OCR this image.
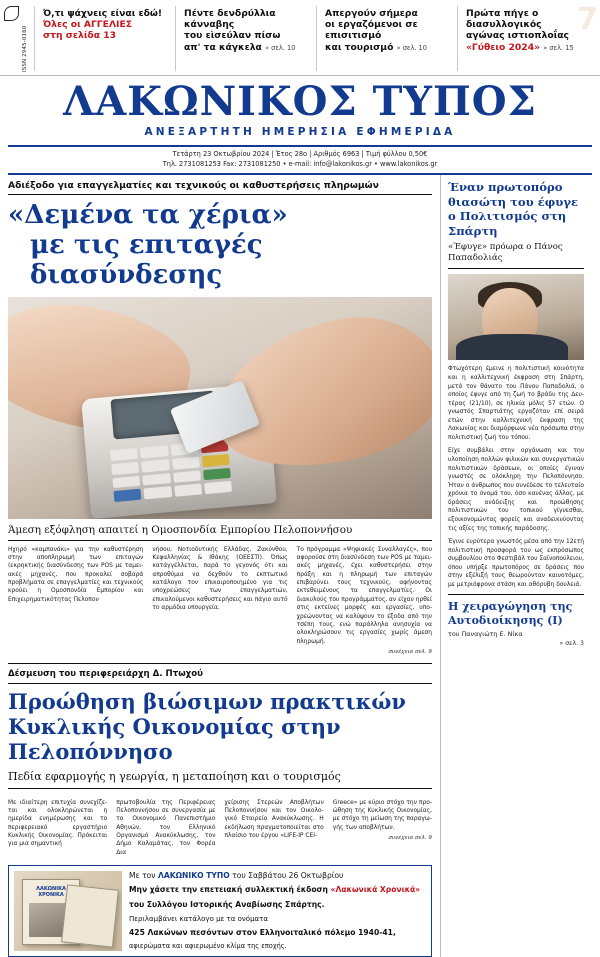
ISSN 2945-0160
Ό,τι ψάχνεις είναι εδώ!
Όλες οι ΑΓΓΕΛΙΕΣ
στη σελίδα 13
Πέντε δενδρύλλια κάνναβης
του εὶσεύλαν πίσω
απ' τα κάγκελα » σελ. 10
Απεργούν σήμερα
οι εργαζόμενοι σε επισιτισμό
και τουρισμό » σελ. 10
Πρώτα πήγε ο διασυλλογικός
αγώνας ιστιοπλοΐας
«Γύθειο 2024» » σελ. 15
7
ΛΑΚΩΝΙΚΟΣ ΤΥΠΟΣ
ΑΝΕΞΑΡΤΗΤΗ ΗΜΕΡΗΣΙΑ ΕΦΗΜΕΡΙΔΑ
Τετάρτη 23 Οκτωβρίου 2024 | Έτος 28ο | Αριθμός 6963 | Τιμή φύλλου 0,50€
Τηλ. 2731081253 Fax: 2731081250 • e-mail: info@lakonikos.gr • www.lakonikos.gr
Αδιέξοδο για επαγγελματίες και τεχνικούς οι καθυστερήσεις πληρωμών
«Δεμένα τα χέρια»
με τις επιταγές διασύνδεσης
Άμεση εξόφληση απαιτεί η Ομοσπονδία Εμπορίου Πελοποννήσου
Ηχηρό «καμπανάκι» για την καθυστέρηση στην απoπληρωμή των επιταγών (εκρηκτικής διασύνδεσης των POS με ταμειακές μηχανές, που προκαλεί σοβαρά προβλήματα σε επαγγελματίες και τεχνικούς κρούει η Ομοσπονδία Εμπορίου και Επιχειρηματικότητας Πελοπον
νήσου, Νοτιοδυτικής Ελλάδας, Ζακύνθου, Κεφαλληνίας & Ιθάκης (ΟΕΕΣΤΙ). Όπως κατάγγέλλεται, παρά το γεγονός ότι και απροθύμια να δεχθούν το εκπτωτικό κατάλογο τον επικαιροποιημένο για τις υποχρεώσεις των επαγγελματιών, επικαλούμενοι καθυστερήσεις και πάγιο αυτό το αρμόδια υπουργεία.
Το πρόγραμμα «Ψηφιακές Συναλλαγές», που αφορούσε στη διασύνδεση των POS με ταμειακές μηχανές, έχει καθυστερήσει στην πράξη και η πληρωμή των επιταγών επιβαρύνει τους τεχνικούς, αφήνοντας εκτεθειμένους τα επαγγελματίες. Οι διακυλούς του προγράμματος, αν είχαν ηρθεί στις εκτείνες μορφές και εργασίες, υποχρεώνοντας να καλύψουν το έξοδα από την τσέπη τους, ενώ παράλληλα ανησυχία να ολοκληρώσουν τις εργασίες χωρίς άμεση πληρωμή.
συνέχεια σελ. 9
Δέσμευση του περιφερειάρχη Δ. Πτωχού
Προώθηση βιώσιμων πρακτικών
Κυκλικής Οικονομίας στην Πελοπόννησο
Πεδία εφαρμογής η γεωργία, η μεταποίηση και ο τουρισμός
Με ιδιαίτερη επιτυχία συνεχίζεται και ολοκληρώνεται η ημερίδα ενημέρωσης και το περιφερειακό εργαστήριο Κυκλικής Οικονομίας. Πρόκειται για μια σημαντική
πρωτοβουλία της Περιφέρειας Πελοποννήσου σε συνεργασία με το Οικονομικό Πανεπιστήμιο Αθηνών, τον Ελληνικό Οργανισμό Ανακύκλωσης, τον Δήμο Καλαμάτας, τον Φορέα Δια
χείρισης Στερεών Αποβλήτων Πελοποννήσου και τον Οικολογικό Εταιρείο Ανακύκλωσης. Η εκδήλωση πραγματοποιείται στο πλαίσιο του έργου «LIFE-IP CEI-
Greece» με κύριο στόχο την προώθηση της Κυκλικής Οικονομίας, με στόχο τη μείωση της παραγωγής των αποβλήτων.
συνέχεια σελ. 9
ΛΑΚΩΝΙΚΑ ΧΡΟΝΙΚΑ
Με τον ΛΑΚΩΝΙΚΟ ΤΥΠΟ του Σαββάτου 26 Οκτωβρίου
Μην χάσετε την επετειακή συλλεκτική έκδοση «Λακωνικά Χρονικά»
του Συλλόγου Ιστορικής Αναβίωσης Σπάρτης.
Περιλαμβάνει κατάλογο με τα ονόματα
425 Λακώνων πεσόντων στον Ελληνοιταλικό πόλεμο 1940-41,
αφιερώματα και αφιερωμένο κλίμα της εποχής.
Έναν πρωτοπόρο θιασώτη του έφυγε ο Πολιτισμός στη Σπάρτη
«Έφυγε» πρόωρα ο Πάνος Παπαδολιάς

Φτωχότερη έμεινε η πολιτιστική κοινότητα και η καλλιτεχνική έκφραση στη Σπάρτη, μετά τον θάνατο του Πάνου Παπαδολιά, ο οποίος έφυγε από τη ζωή το βράδυ της Δευτέρας (21/10), σε ηλικία μόλις 57 ετών. Ο γνωστός Σπαρτιάτης εργαζόταν επί σειρά ετών στην καλλιτεχνική έκφραση της Λακωνίας και διαμόρφωνε νέα πρόσωπα στην πολιτιστική ζωή του τόπου.

Είχε συμβάλει στην οργάνωση και την υλοποίηση πολλών φιλικών και συνεργατικών πολιτιστικών δράσεων, οι οποίες έγιναν γνωστές σε ολόκληρη την Πελοπόννησο. Ήταν ο άνθρωπος που συνέδεσε το τελευταίο χρόνια το όνομά του, όσο κανένας άλλος, με δράσεις ανάδειξης και προώθησης πολιτιστικών του τοπικού γίγνεσθαι, εξοικονομώντας φορείς και αναδεικνύοντας τις αξίες της τοπικής παράδοσης.

Έγινε ευρύτερα γνωστός μέσα από την 12ετή πολιτιστική προσφορά του ως εκπρόσωπος συμβουλίου στο Φεστιβάλ του Σαϊνοπούλειου, όπου υπήρξε πρωτοπόρος σε δράσεις που στην εξέλιξή τους θεωρούνταν καινοτόμες, με μετριόφρονα στάση και αθόρυβη δουλειά.

Η χειραγώγηση της Αυτοδιοίκησης (Ι)
του Παναγιώτη Ε. Νίκα
» σελ. 3
